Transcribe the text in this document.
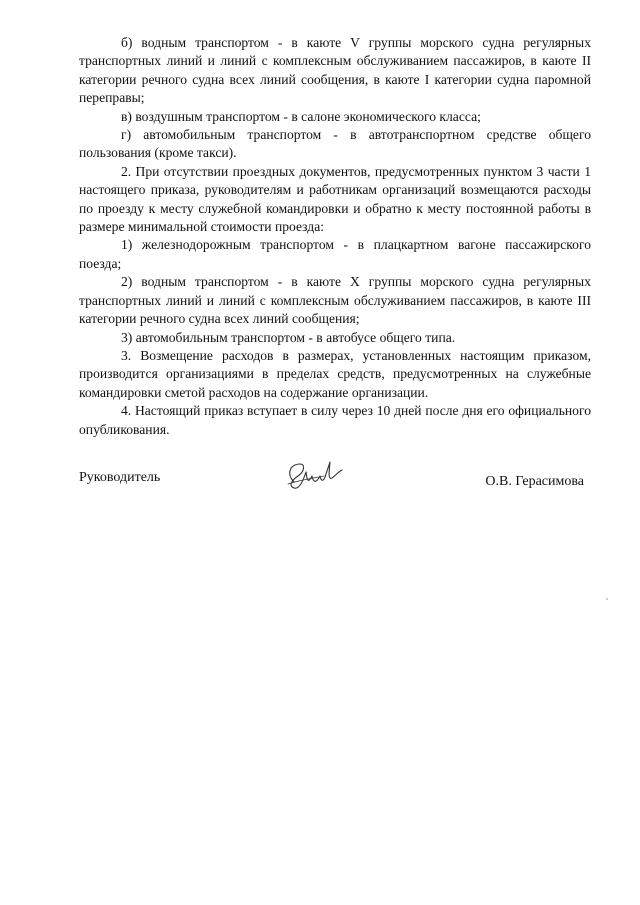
б) водным транспортом - в каюте V группы морского судна регулярных транспортных линий и линий с комплексным обслуживанием пассажиров, в каюте II категории речного судна всех линий сообщения, в каюте I категории судна паромной переправы;

в) воздушным транспортом - в салоне экономического класса;

г) автомобильным транспортом - в автотранспортном средстве общего пользования (кроме такси).

2. При отсутствии проездных документов, предусмотренных пунктом 3 части 1 настоящего приказа, руководителям и работникам организаций возмещаются расходы по проезду к месту служебной командировки и обратно к месту постоянной работы в размере минимальной стоимости проезда:

1) железнодорожным транспортом - в плацкартном вагоне пассажирского поезда;

2) водным транспортом - в каюте X группы морского судна регулярных транспортных линий и линий с комплексным обслуживанием пассажиров, в каюте III категории речного судна всех линий сообщения;

3) автомобильным транспортом - в автобусе общего типа.

3. Возмещение расходов в размерах, установленных настоящим приказом, производится организациями в пределах средств, предусмотренных на служебные командировки сметой расходов на содержание организации.

4. Настоящий приказ вступает в силу через 10 дней после дня его официального опубликования.

Руководитель	О.В. Герасимова
